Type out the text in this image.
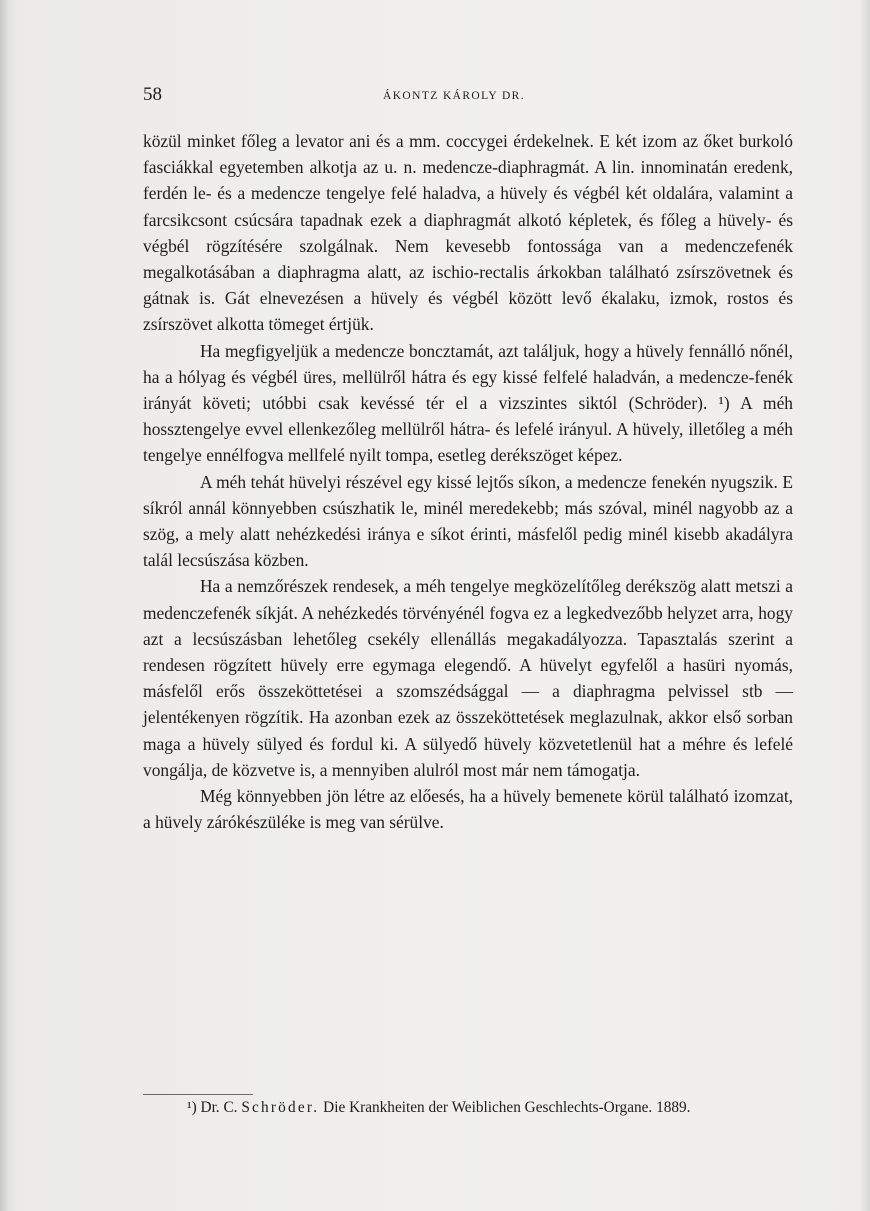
58	ÁKONTZ KÁROLY DR.

közül minket főleg a levator ani és a mm. coccygei érdekelnek. E két izom az őket burkoló fasciákkal egyetemben alkotja az u. n. medencze-diaphragmát. A lin. innominatán eredenk, ferdén le- és a medencze tengelye felé haladva, a hüvely és végbél két oldalára, valamint a farcsikcsont csúcsára tapadnak ezek a diaphragmát alkotó képletek, és főleg a hüvely- és végbél rögzítésére szolgálnak. Nem kevesebb fontossága van a medenczefenék megalkotásában a diaphragma alatt, az ischio-rectalis árkokban található zsírszövetnek és gátnak is. Gát elnevezésen a hüvely és végbél között levő ékalaku, izmok, rostos és zsírszövet alkotta tömeget értjük.

Ha megfigyeljük a medencze bonczt​amát, azt találjuk, hogy a hüvely fennálló nőnél, ha a hólyag és végbél üres, mellülről hátra és egy kissé felfelé haladván, a medencze-fenék irányát követi; utóbbi csak kevéssé tér el a vizszintes siktól (Schröder). ¹) A méh hossztengelye evvel ellenkezőleg mellülről hátra- és lefelé irányul. A hüvely, illetőleg a méh tengelye ennélfogva mellfelé nyilt tompa, esetleg derékszöget képez.

A méh tehát hüvelyi részével egy kissé lejtős síkon, a medencze fenekén nyugszik. E síkról annál könnyebben csúszhatik le, minél meredekebb; más szóval, minél nagyobb az a szög, a mely alatt nehézkedési iránya e síkot érinti, másfelől pedig minél kisebb akadályra talál lecsúszása közben.

Ha a nemzőrészek rendesek, a méh tengelye megközelítőleg derékszög alatt metszi a medenczefenék síkját. A nehézkedés törvényénél fogva ez a legkedvezőbb helyzet arra, hogy azt a lecsúszásban lehetőleg csekély ellenállás megakadályozza. Tapasztalás szerint a rendesen rögzített hüvely erre egymaga elegendő. A hüvelyt egyfelől a hasüri nyomás, másfelől erős összeköttetései a szomszédsággal — a diaphragma pelvissel stb — jelentékenyen rögzítik. Ha azonban ezek az összeköttetések meglazulnak, akkor első sorban maga a hüvely sülyed és fordul ki. A sülyedő hüvely közvetetlenül hat a méhre és lefelé vongálja, de közvetve is, a mennyiben alulról most már nem támogatja.

Még könnyebben jön létre az előesés, ha a hüvely bemenete körül található izomzat, a hüvely zárókészüléke is meg van sérülve.

¹) Dr. C. Schröder. Die Krankheiten der Weiblichen Geschlechts-Organe. 1889.
